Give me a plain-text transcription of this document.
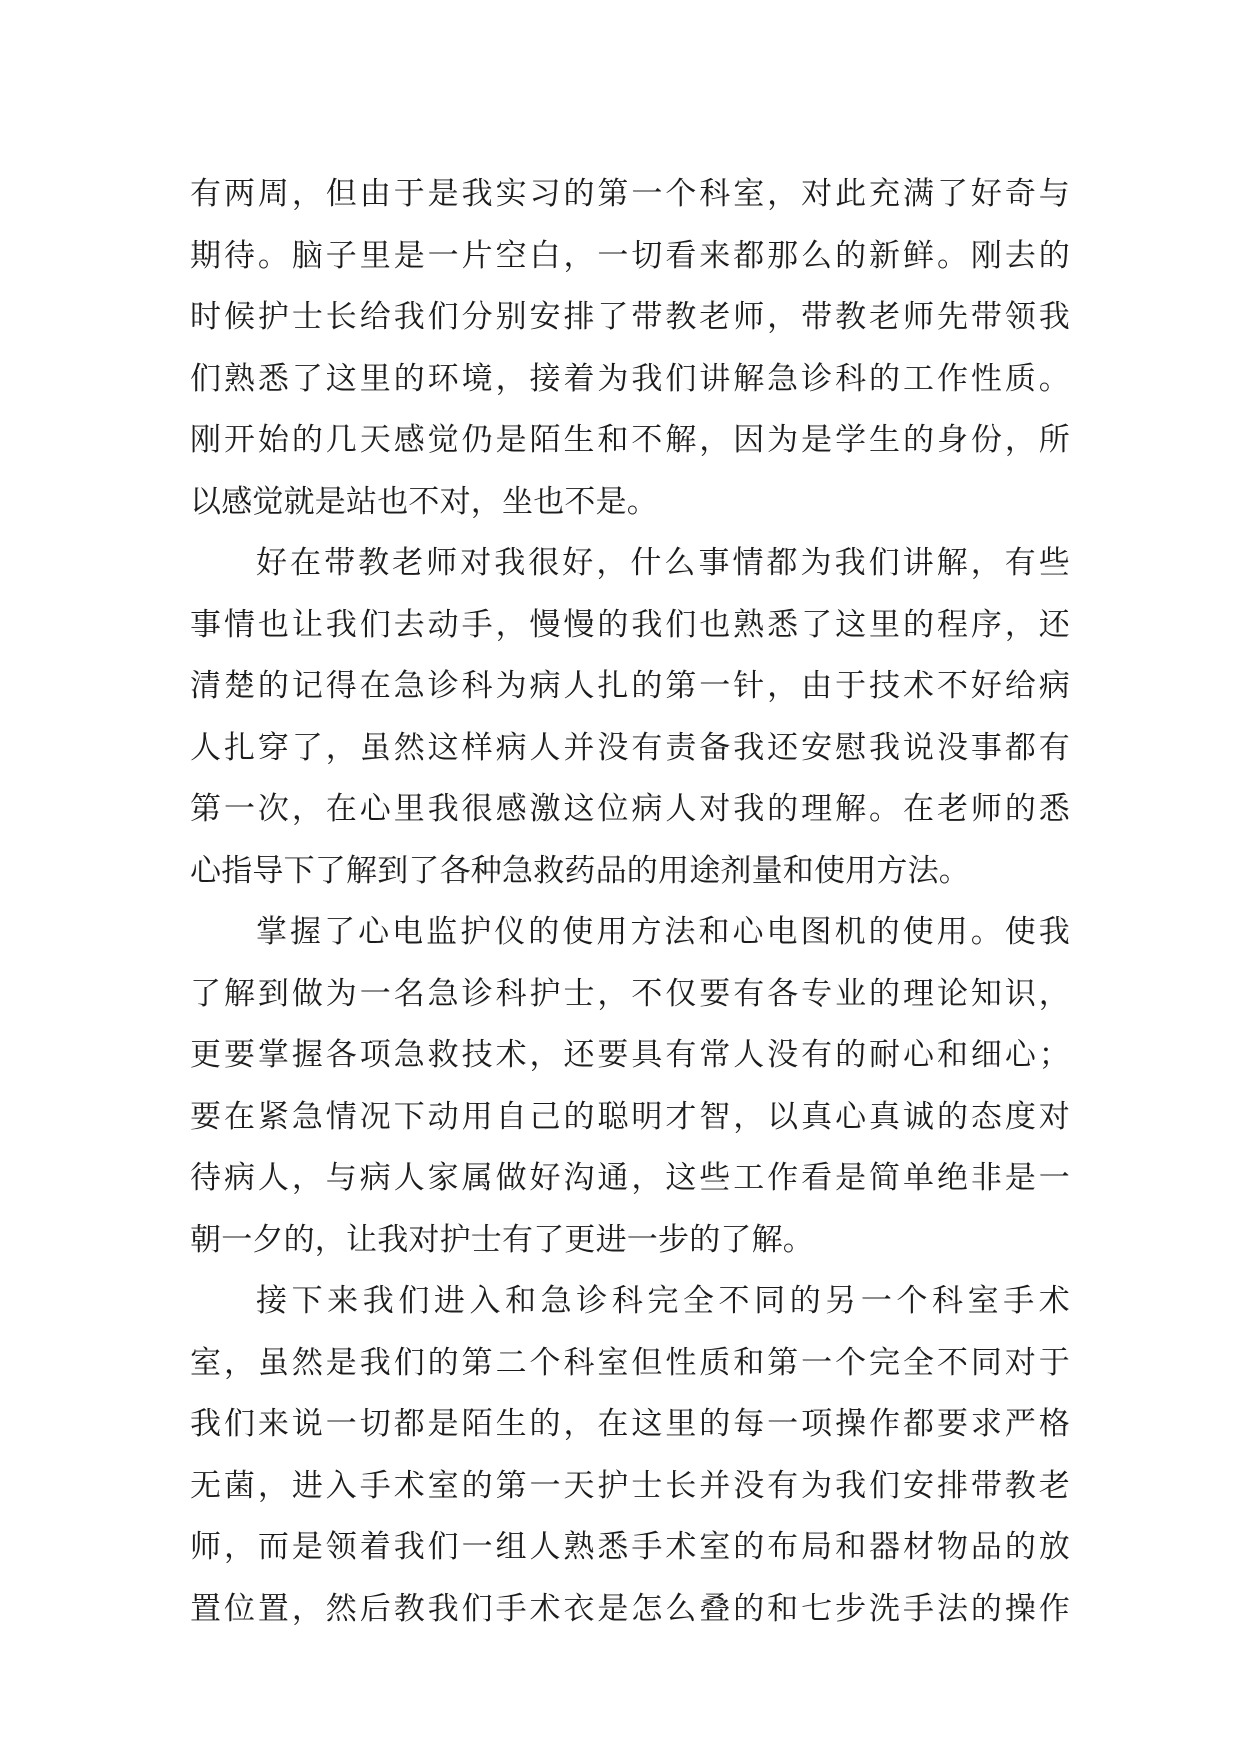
有两周，但由于是我实习的第一个科室，对此充满了好奇与
期待。脑子里是一片空白，一切看来都那么的新鲜。刚去的
时候护士长给我们分别安排了带教老师，带教老师先带领我
们熟悉了这里的环境，接着为我们讲解急诊科的工作性质。
刚开始的几天感觉仍是陌生和不解，因为是学生的身份，所
以感觉就是站也不对，坐也不是。
好在带教老师对我很好，什么事情都为我们讲解，有些
事情也让我们去动手，慢慢的我们也熟悉了这里的程序，还
清楚的记得在急诊科为病人扎的第一针，由于技术不好给病
人扎穿了，虽然这样病人并没有责备我还安慰我说没事都有
第一次，在心里我很感激这位病人对我的理解。在老师的悉
心指导下了解到了各种急救药品的用途剂量和使用方法。
掌握了心电监护仪的使用方法和心电图机的使用。使我
了解到做为一名急诊科护士，不仅要有各专业的理论知识，
更要掌握各项急救技术，还要具有常人没有的耐心和细心；
要在紧急情况下动用自己的聪明才智，以真心真诚的态度对
待病人，与病人家属做好沟通，这些工作看是简单绝非是一
朝一夕的，让我对护士有了更进一步的了解。
接下来我们进入和急诊科完全不同的另一个科室手术
室，虽然是我们的第二个科室但性质和第一个完全不同对于
我们来说一切都是陌生的，在这里的每一项操作都要求严格
无菌，进入手术室的第一天护士长并没有为我们安排带教老
师，而是领着我们一组人熟悉手术室的布局和器材物品的放
置位置，然后教我们手术衣是怎么叠的和七步洗手法的操作
